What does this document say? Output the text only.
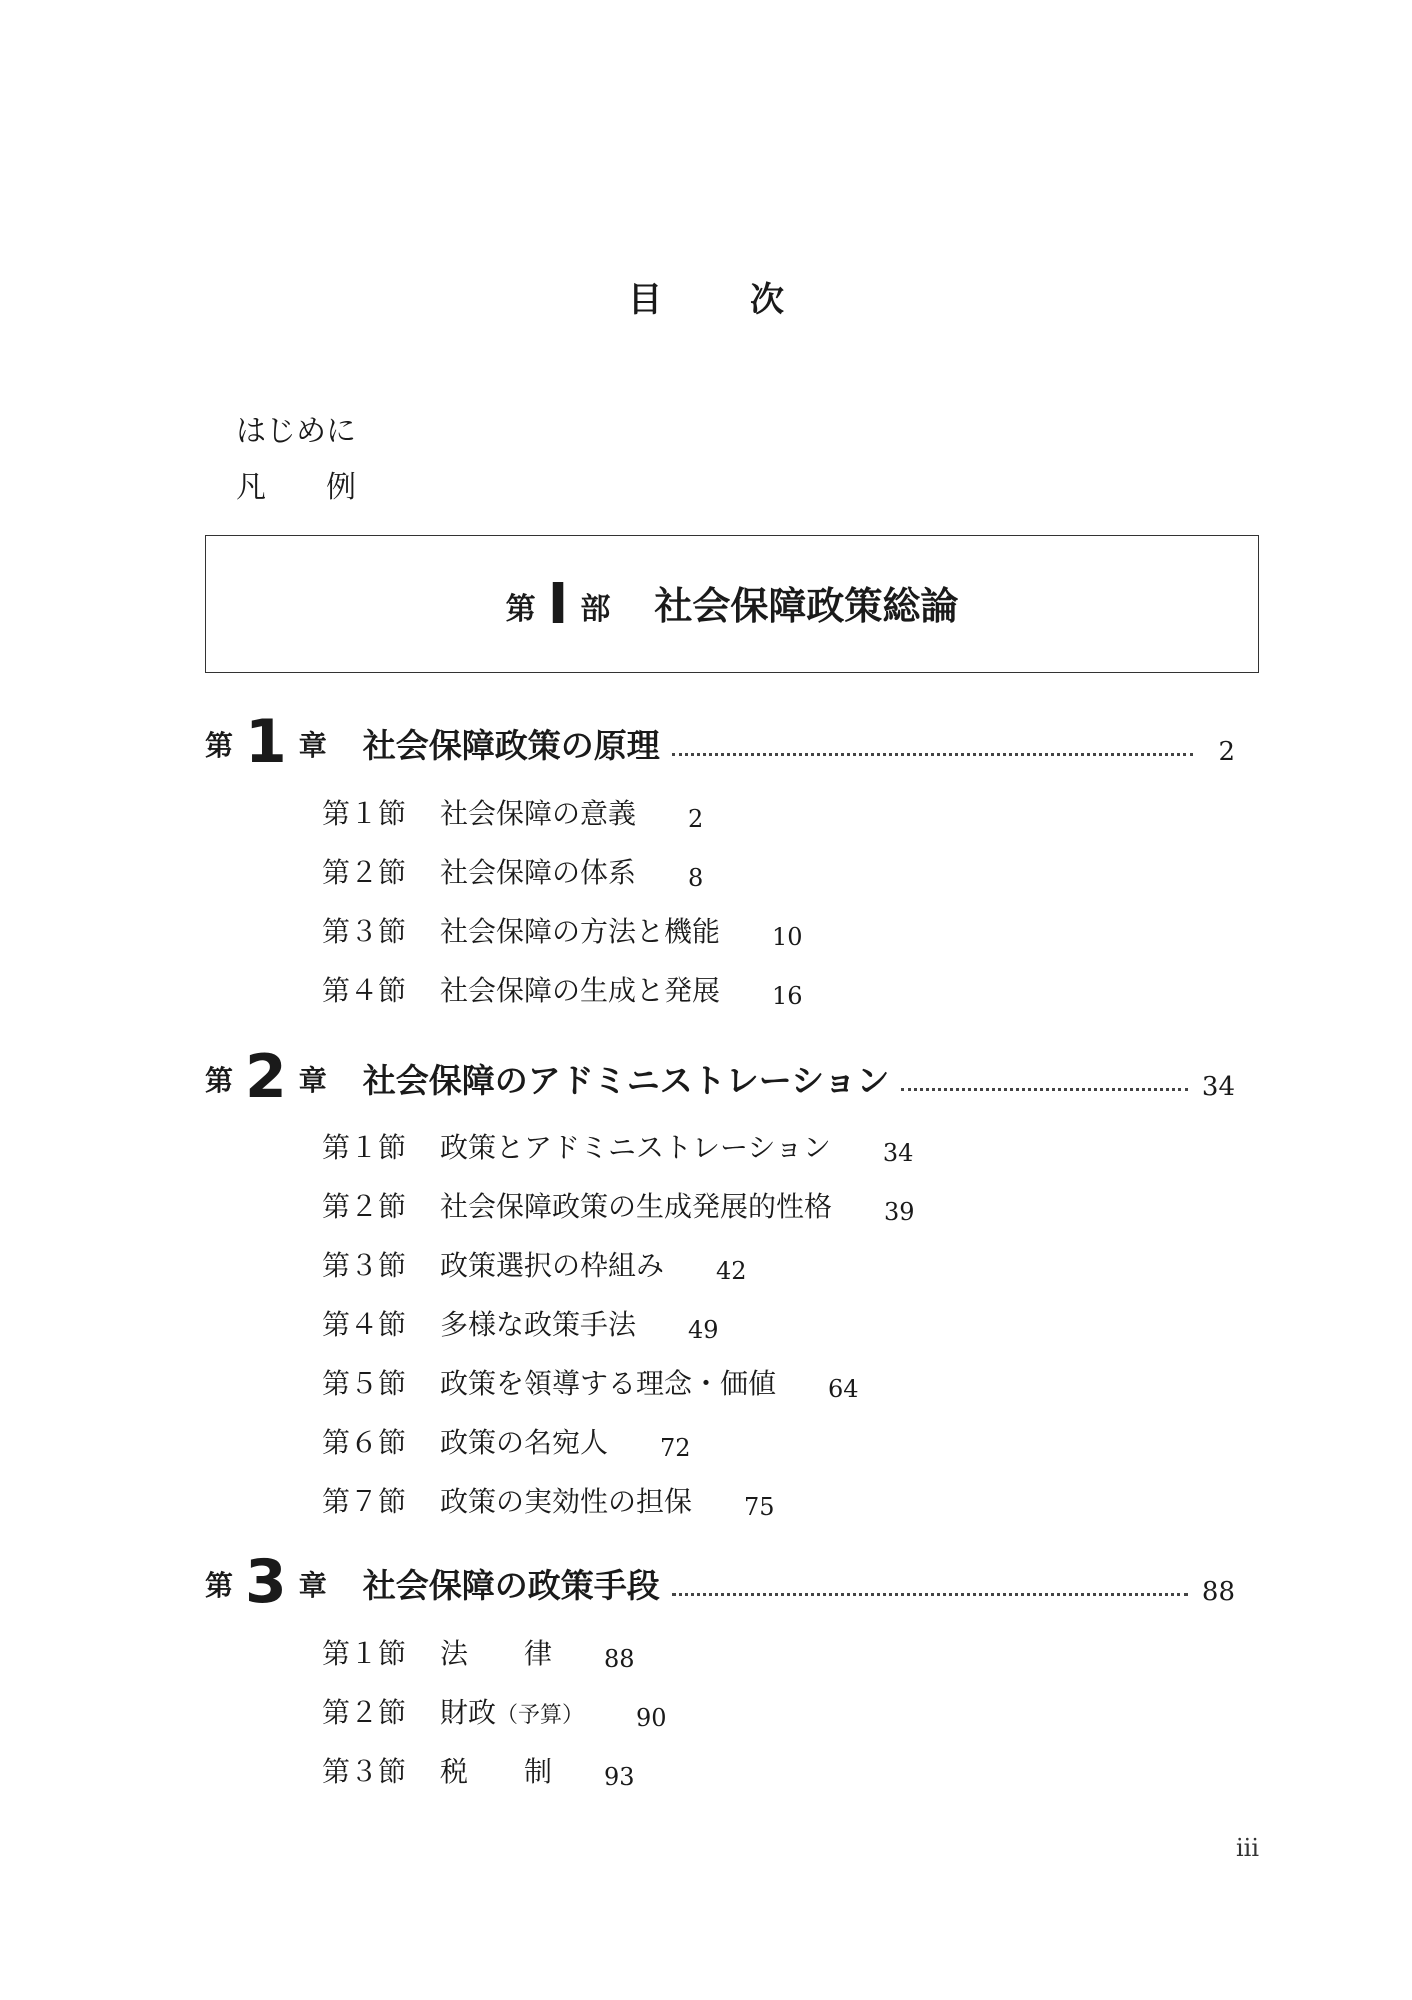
目	次
はじめに
凡 例
第 I 部 社会保障政策総論
第 1 章 社会保障政策の原理	2
第１節 社会保障の意義 2
第２節 社会保障の体系 8
第３節 社会保障の方法と機能 10
第４節 社会保障の生成と発展 16
第 2 章 社会保障のアドミニストレーション	34
第１節 政策とアドミニストレーション 34
第２節 社会保障政策の生成発展的性格 39
第３節 政策選択の枠組み 42
第４節 多様な政策手法 49
第５節 政策を領導する理念・価値 64
第６節 政策の名宛人 72
第７節 政策の実効性の担保 75
第 3 章 社会保障の政策手段	88
第１節 法　　律 88
第２節 財政（予算） 90
第３節 税　　制 93
iii
